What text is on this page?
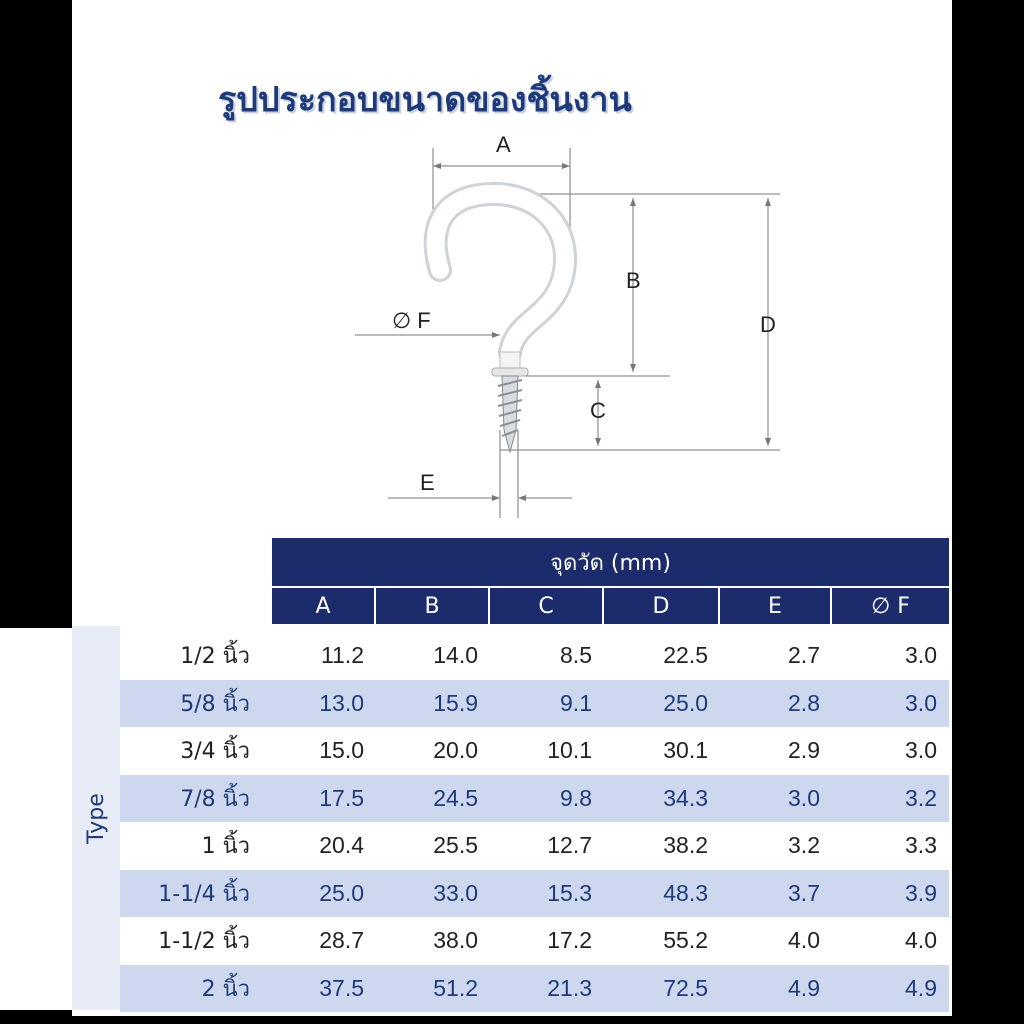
รูปประกอบขนาดของชิ้นงาน
A
B
C
D
E
∅ F
จุดวัด (mm)
A	B	C	D	E	∅ F
Type
1/2 นิ้ว	11.2	14.0	8.5	22.5	2.7	3.0
5/8 นิ้ว	13.0	15.9	9.1	25.0	2.8	3.0
3/4 นิ้ว	15.0	20.0	10.1	30.1	2.9	3.0
7/8 นิ้ว	17.5	24.5	9.8	34.3	3.0	3.2
1 นิ้ว	20.4	25.5	12.7	38.2	3.2	3.3
1-1/4 นิ้ว	25.0	33.0	15.3	48.3	3.7	3.9
1-1/2 นิ้ว	28.7	38.0	17.2	55.2	4.0	4.0
2 นิ้ว	37.5	51.2	21.3	72.5	4.9	4.9
